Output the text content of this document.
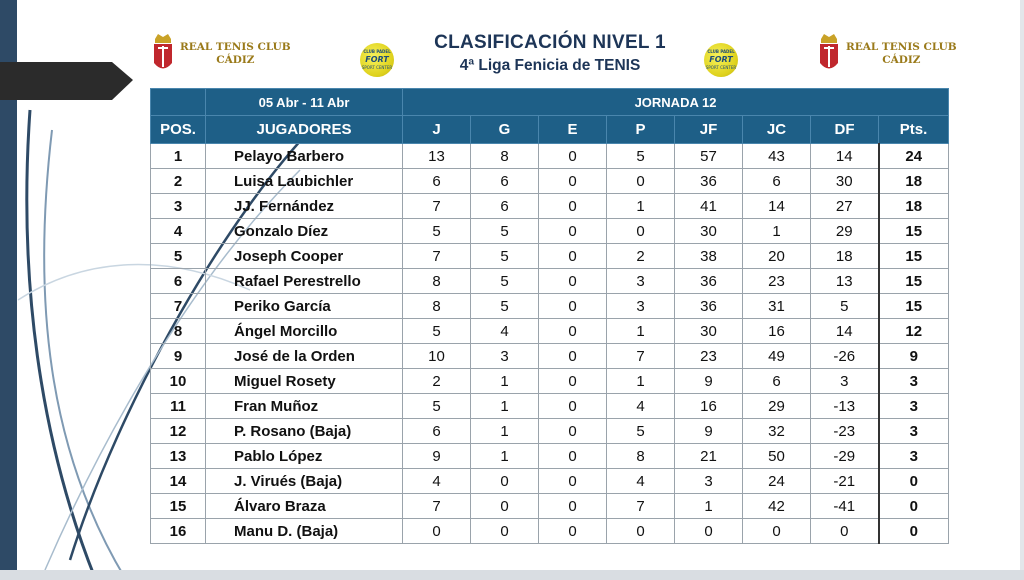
REAL TENIS CLUB
CÁDIZ
CLUB PADEL
FORT
SPORT CENTER
CLASIFICACIÓN NIVEL 1
4ª Liga Fenicia de TENIS
CLUB PADEL
FORT
SPORT CENTER
REAL TENIS CLUB
CÁDIZ
	05 Abr - 11 Abr	JORNADA 12							
POS.	JUGADORES	J	G	E	P	JF	JC	DF	Pts.
1	Pelayo Barbero	13	8	0	5	57	43	14	24
2	Luisa Laubichler	6	6	0	0	36	6	30	18
3	JJ. Fernández	7	6	0	1	41	14	27	18
4	Gonzalo Díez	5	5	0	0	30	1	29	15
5	Joseph Cooper	7	5	0	2	38	20	18	15
6	Rafael Perestrello	8	5	0	3	36	23	13	15
7	Periko García	8	5	0	3	36	31	5	15
8	Ángel Morcillo	5	4	0	1	30	16	14	12
9	José de la Orden	10	3	0	7	23	49	-26	9
10	Miguel Rosety	2	1	0	1	9	6	3	3
11	Fran Muñoz	5	1	0	4	16	29	-13	3
12	P. Rosano (Baja)	6	1	0	5	9	32	-23	3
13	Pablo López	9	1	0	8	21	50	-29	3
14	J. Virués (Baja)	4	0	0	4	3	24	-21	0
15	Álvaro Braza	7	0	0	7	1	42	-41	0
16	Manu D. (Baja)	0	0	0	0	0	0	0	0
